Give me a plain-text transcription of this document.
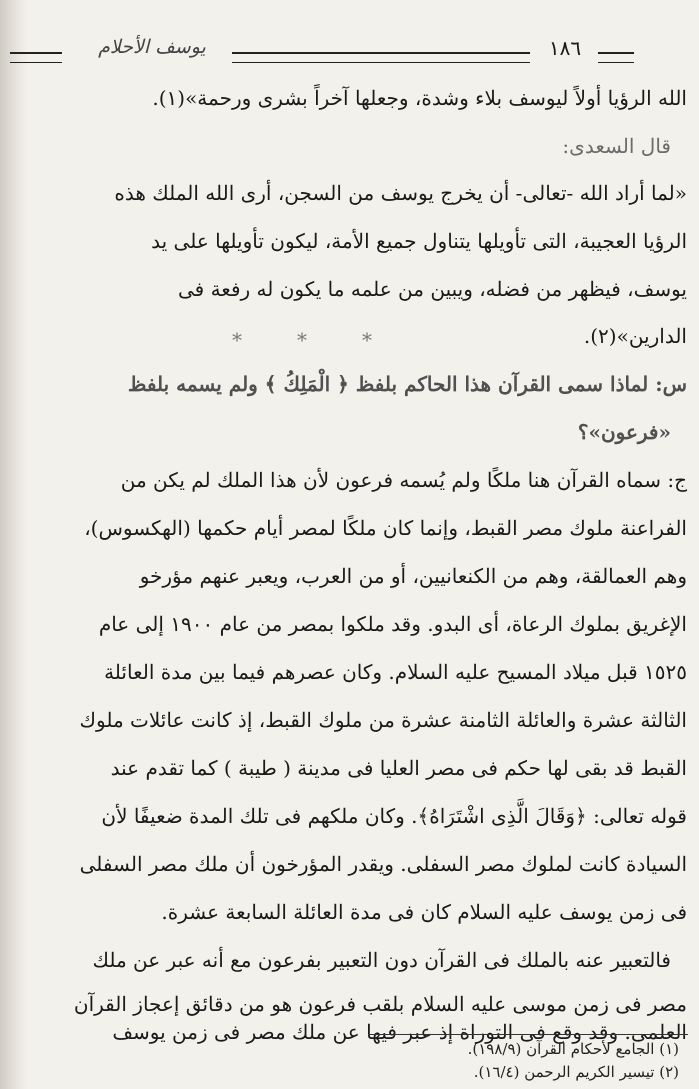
يوسف الأحلام	١٨٦
الله الرؤيا أولاً ليوسف بلاء وشدة، وجعلها آخراً بشرى ورحمة»(١).
قال السعدى:
«لما أراد الله -تعالى- أن يخرج يوسف من السجن، أرى الله الملك هذه
الرؤيا العجيبة، التى تأويلها يتناول جميع الأمة، ليكون تأويلها على يد
يوسف، فيظهر من فضله، ويبين من علمه ما يكون له رفعة فى
الدارين»(٢).
*	*	*
س: لماذا سمى القرآن هذا الحاكم بلفظ ﴿ الْمَلِكُ ﴾ ولم يسمه بلفظ
«فرعون»؟
ج: سماه القرآن هنا ملكًا ولم يُسمه فرعون لأن هذا الملك لم يكن من
الفراعنة ملوك مصر القبط، وإنما كان ملكًا لمصر أيام حكمها (الهكسوس)،
وهم العمالقة، وهم من الكنعانيين، أو من العرب، ويعبر عنهم مؤرخو
الإغريق بملوك الرعاة، أى البدو. وقد ملكوا بمصر من عام ١٩٠٠ إلى عام
١٥٢٥ قبل ميلاد المسيح عليه السلام. وكان عصرهم فيما بين مدة العائلة
الثالثة عشرة والعائلة الثامنة عشرة من ملوك القبط، إذ كانت عائلات ملوك
القبط قد بقى لها حكم فى مصر العليا فى مدينة ( طيبة ) كما تقدم عند
قوله تعالى: ﴿وَقَالَ الَّذِى اشْتَرَاهُ﴾. وكان ملكهم فى تلك المدة ضعيفًا لأن
السيادة كانت لملوك مصر السفلى. ويقدر المؤرخون أن ملك مصر السفلى
فى زمن يوسف عليه السلام كان فى مدة العائلة السابعة عشرة.
فالتعبير عنه بالملك فى القرآن دون التعبير بفرعون مع أنه عبر عن ملك
مصر فى زمن موسى عليه السلام بلقب فرعون هو من دقائق إعجاز القرآن
العلمى. وقد وقع فى التوراة إذ عبر فيها عن ملك مصر فى زمن يوسف
(١) الجامع لأحكام القرآن (١٩٨/٩).
(٢) تيسير الكريم الرحمن (١٦/٤).
